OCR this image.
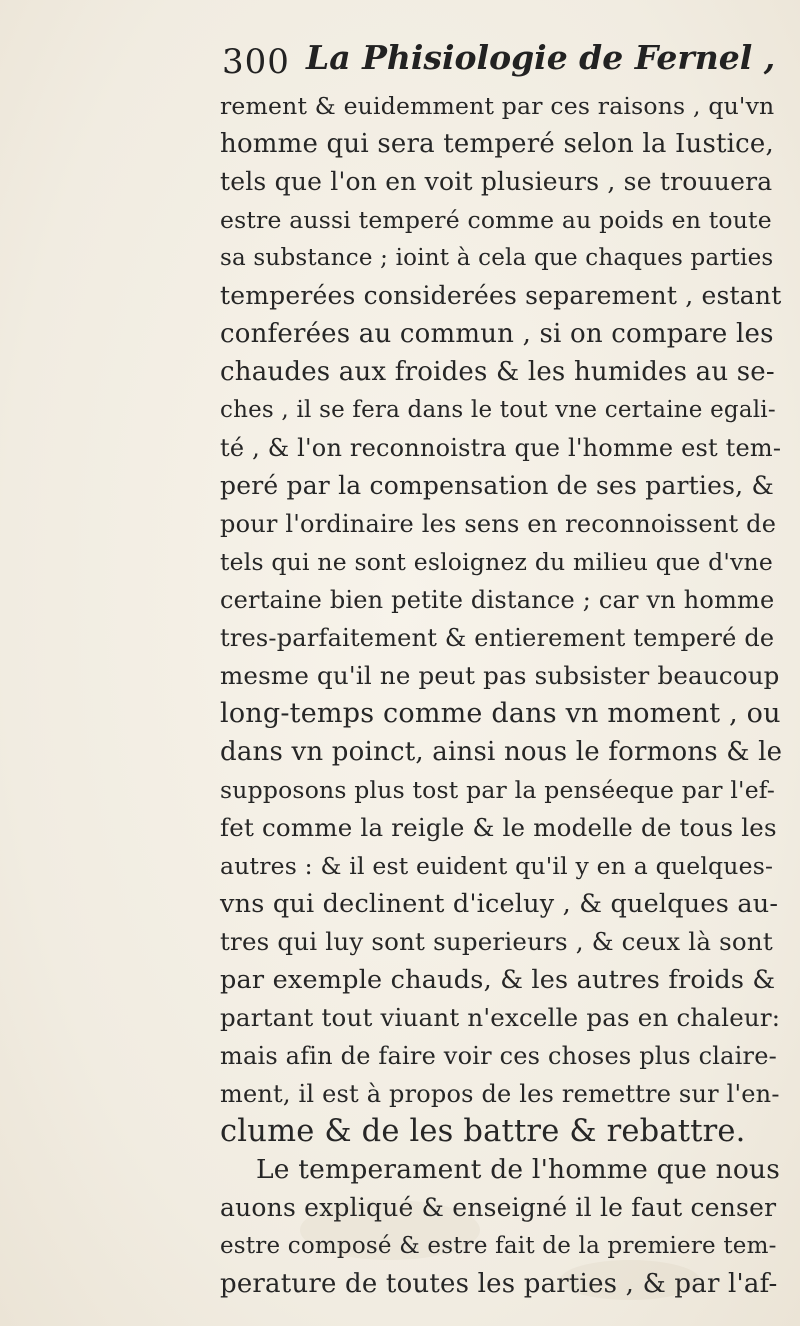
300 La Phisiologie de Fernel ,
rement & euidemment par ces raisons , qu'vn
homme qui sera temperé selon la Iustice,
tels que l'on en voit plusieurs , se trouuera
estre aussi temperé comme au poids en toute
sa substance ; ioint à cela que chaques parties
temperées considerées separement , estant
conferées au commun , si on compare les
chaudes aux froides & les humides au se-
ches , il se fera dans le tout vne certaine egali-
té , & l'on reconnoistra que l'homme est tem-
peré par la compensation de ses parties, &
pour l'ordinaire les sens en reconnoissent de
tels qui ne sont esloignez du milieu que d'vne
certaine bien petite distance ; car vn homme
tres-parfaitement & entierement temperé de
mesme qu'il ne peut pas subsister beaucoup
long-temps comme dans vn moment , ou
dans vn poinct, ainsi nous le formons & le
supposons plus tost par la penséeque par l'ef-
fet comme la reigle & le modelle de tous les
autres : & il est euident qu'il y en a quelques-
vns qui declinent d'iceluy , & quelques au-
tres qui luy sont superieurs , & ceux là sont
par exemple chauds, & les autres froids &
partant tout viuant n'excelle pas en chaleur:
mais afin de faire voir ces choses plus claire-
ment, il est à propos de les remettre sur l'en-
clume & de les battre & rebattre.
Le temperament de l'homme que nous
auons expliqué & enseigné il le faut censer
estre composé & estre fait de la premiere tem-
perature de toutes les parties , & par l'af-
